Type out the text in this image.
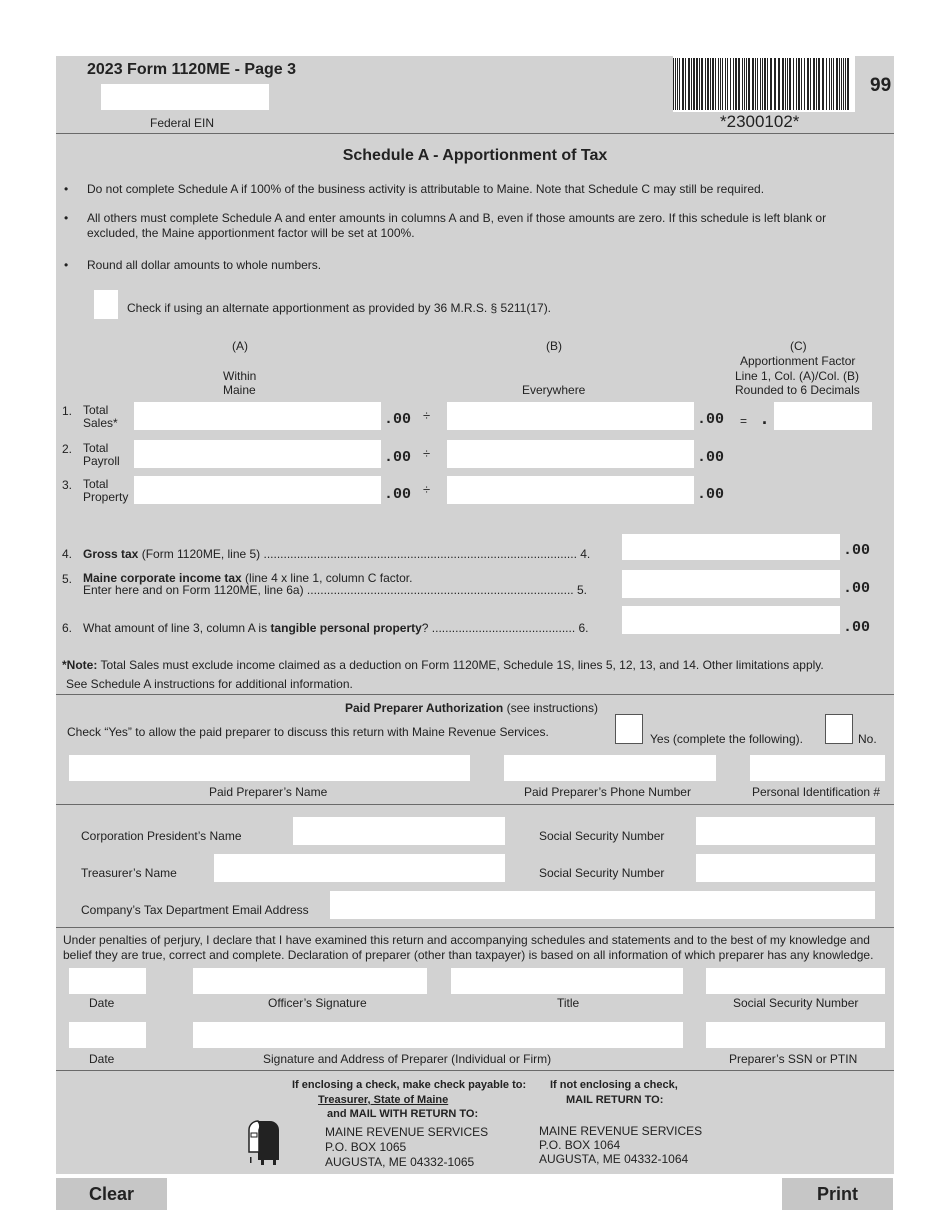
2023 Form 1120ME - Page 3
Federal EIN	*2300102*
99
Schedule A - Apportionment of Tax
• Do not complete Schedule A if 100% of the business activity is attributable to Maine. Note that Schedule C may still be required.
• All others must complete Schedule A and enter amounts in columns A and B, even if those amounts are zero. If this schedule is left blank or excluded, the Maine apportionment factor will be set at 100%.
• Round all dollar amounts to whole numbers.
Check if using an alternate apportionment as provided by 36 M.R.S. § 5211(17).
(A)
Within
Maine
(B)
Everywhere
(C)
Apportionment Factor
Line 1, Col. (A)/Col. (B)
Rounded to 6 Decimals
1. Total
Sales*	.00 ÷	.00 = .
2. Total
Payroll	.00 ÷	.00
3. Total
Property	.00 ÷	.00
4. Gross tax (Form 1120ME, line 5) .............................................................................................. 4.	.00
5. Maine corporate income tax (line 4 x line 1, column C factor.
Enter here and on Form 1120ME, line 6a) ................................................................................ 5.	.00
6. What amount of line 3, column A is tangible personal property? ........................................... 6.	.00
*Note: Total Sales must exclude income claimed as a deduction on Form 1120ME, Schedule 1S, lines 5, 12, 13, and 14. Other limitations apply.
See Schedule A instructions for additional information.
Paid Preparer Authorization (see instructions)
Check “Yes” to allow the paid preparer to discuss this return with Maine Revenue Services.	Yes (complete the following).	No.
Paid Preparer’s Name	Paid Preparer’s Phone Number	Personal Identification #
Corporation President’s Name	Social Security Number
Treasurer’s Name	Social Security Number
Company’s Tax Department Email Address
Under penalties of perjury, I declare that I have examined this return and accompanying schedules and statements and to the best of my knowledge and belief they are true, correct and complete. Declaration of preparer (other than taxpayer) is based on all information of which preparer has any knowledge.
Date	Officer’s Signature	Title	Social Security Number
Date	Signature and Address of Preparer (Individual or Firm)	Preparer’s SSN or PTIN
If enclosing a check, make check payable to:
Treasurer, State of Maine
and MAIL WITH RETURN TO:
MAINE REVENUE SERVICES
P.O. BOX 1065
AUGUSTA, ME 04332-1065
If not enclosing a check,
MAIL RETURN TO:
MAINE REVENUE SERVICES
P.O. BOX 1064
AUGUSTA, ME 04332-1064
Clear	Print
